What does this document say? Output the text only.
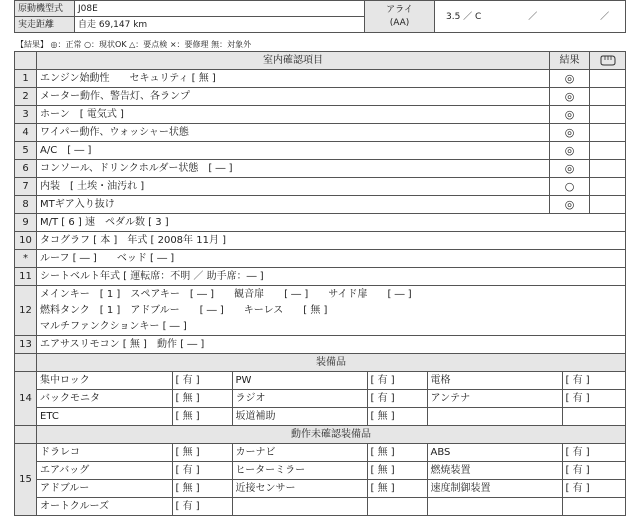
原動機型式	J08E	アライ
(AA)	3.5 ／ C ／ ／
実走距離	自走 69,147 km		
【結果】 ◎：正常 ○：現状OK △：要点検 ×：要修理 無：対象外
	室内確認項目	結果	
1	エンジン始動性　　セキュリティ [ 無 ]	◎	
2	メーター動作、警告灯、各ランプ	◎	
3	ホーン　[ 電気式 ]	◎	
4	ワイパー動作、ウォッシャー状態	◎	
5	A/C　[ ― ]	◎	
6	コンソール、ドリンクホルダー状態　[ ― ]	◎	
7	内装　[ 土埃・油汚れ ]	○	
8	MTギア入り抜け	◎	
9	M/T [ 6 ] 速　ペダル数 [ 3 ]
10	タコグラフ [ 本 ]　年式 [ 2008年 11月 ]
*	ルーフ [ ― ]　　ベッド [ ― ]
11	シートベルト年式 [ 運転席：不明 ／ 助手席：― ]
12	
メインキー　[ 1 ]　スペアキー　[ ― ]　　観音扉　　[ ― ]　　サイド扉　　[ ― ]
燃料タンク　[ 1 ]　アドブルー　　[ ― ]　　キーレス　　[ 無 ]
マルチファンクションキー [ ― ]

13	エアサスリモコン [ 無 ]　動作 [ ― ]
	装備品
14	
集中ロック	[ 有 ]	PW	[ 有 ]	電格	[ 有 ]
バックモニタ	[ 無 ]	ラジオ	[ 有 ]	アンテナ	[ 有 ]
ETC	[ 無 ]	坂道補助	[ 無 ]		

	動作未確認装備品
15	
ドラレコ	[ 無 ]	カーナビ	[ 無 ]	ABS	[ 有 ]
エアバッグ	[ 有 ]	ヒーターミラー	[ 無 ]	燃焼装置	[ 有 ]
アドブルー	[ 無 ]	近接センサー	[ 無 ]	速度制御装置	[ 有 ]
オートクルーズ	[ 有 ]				
